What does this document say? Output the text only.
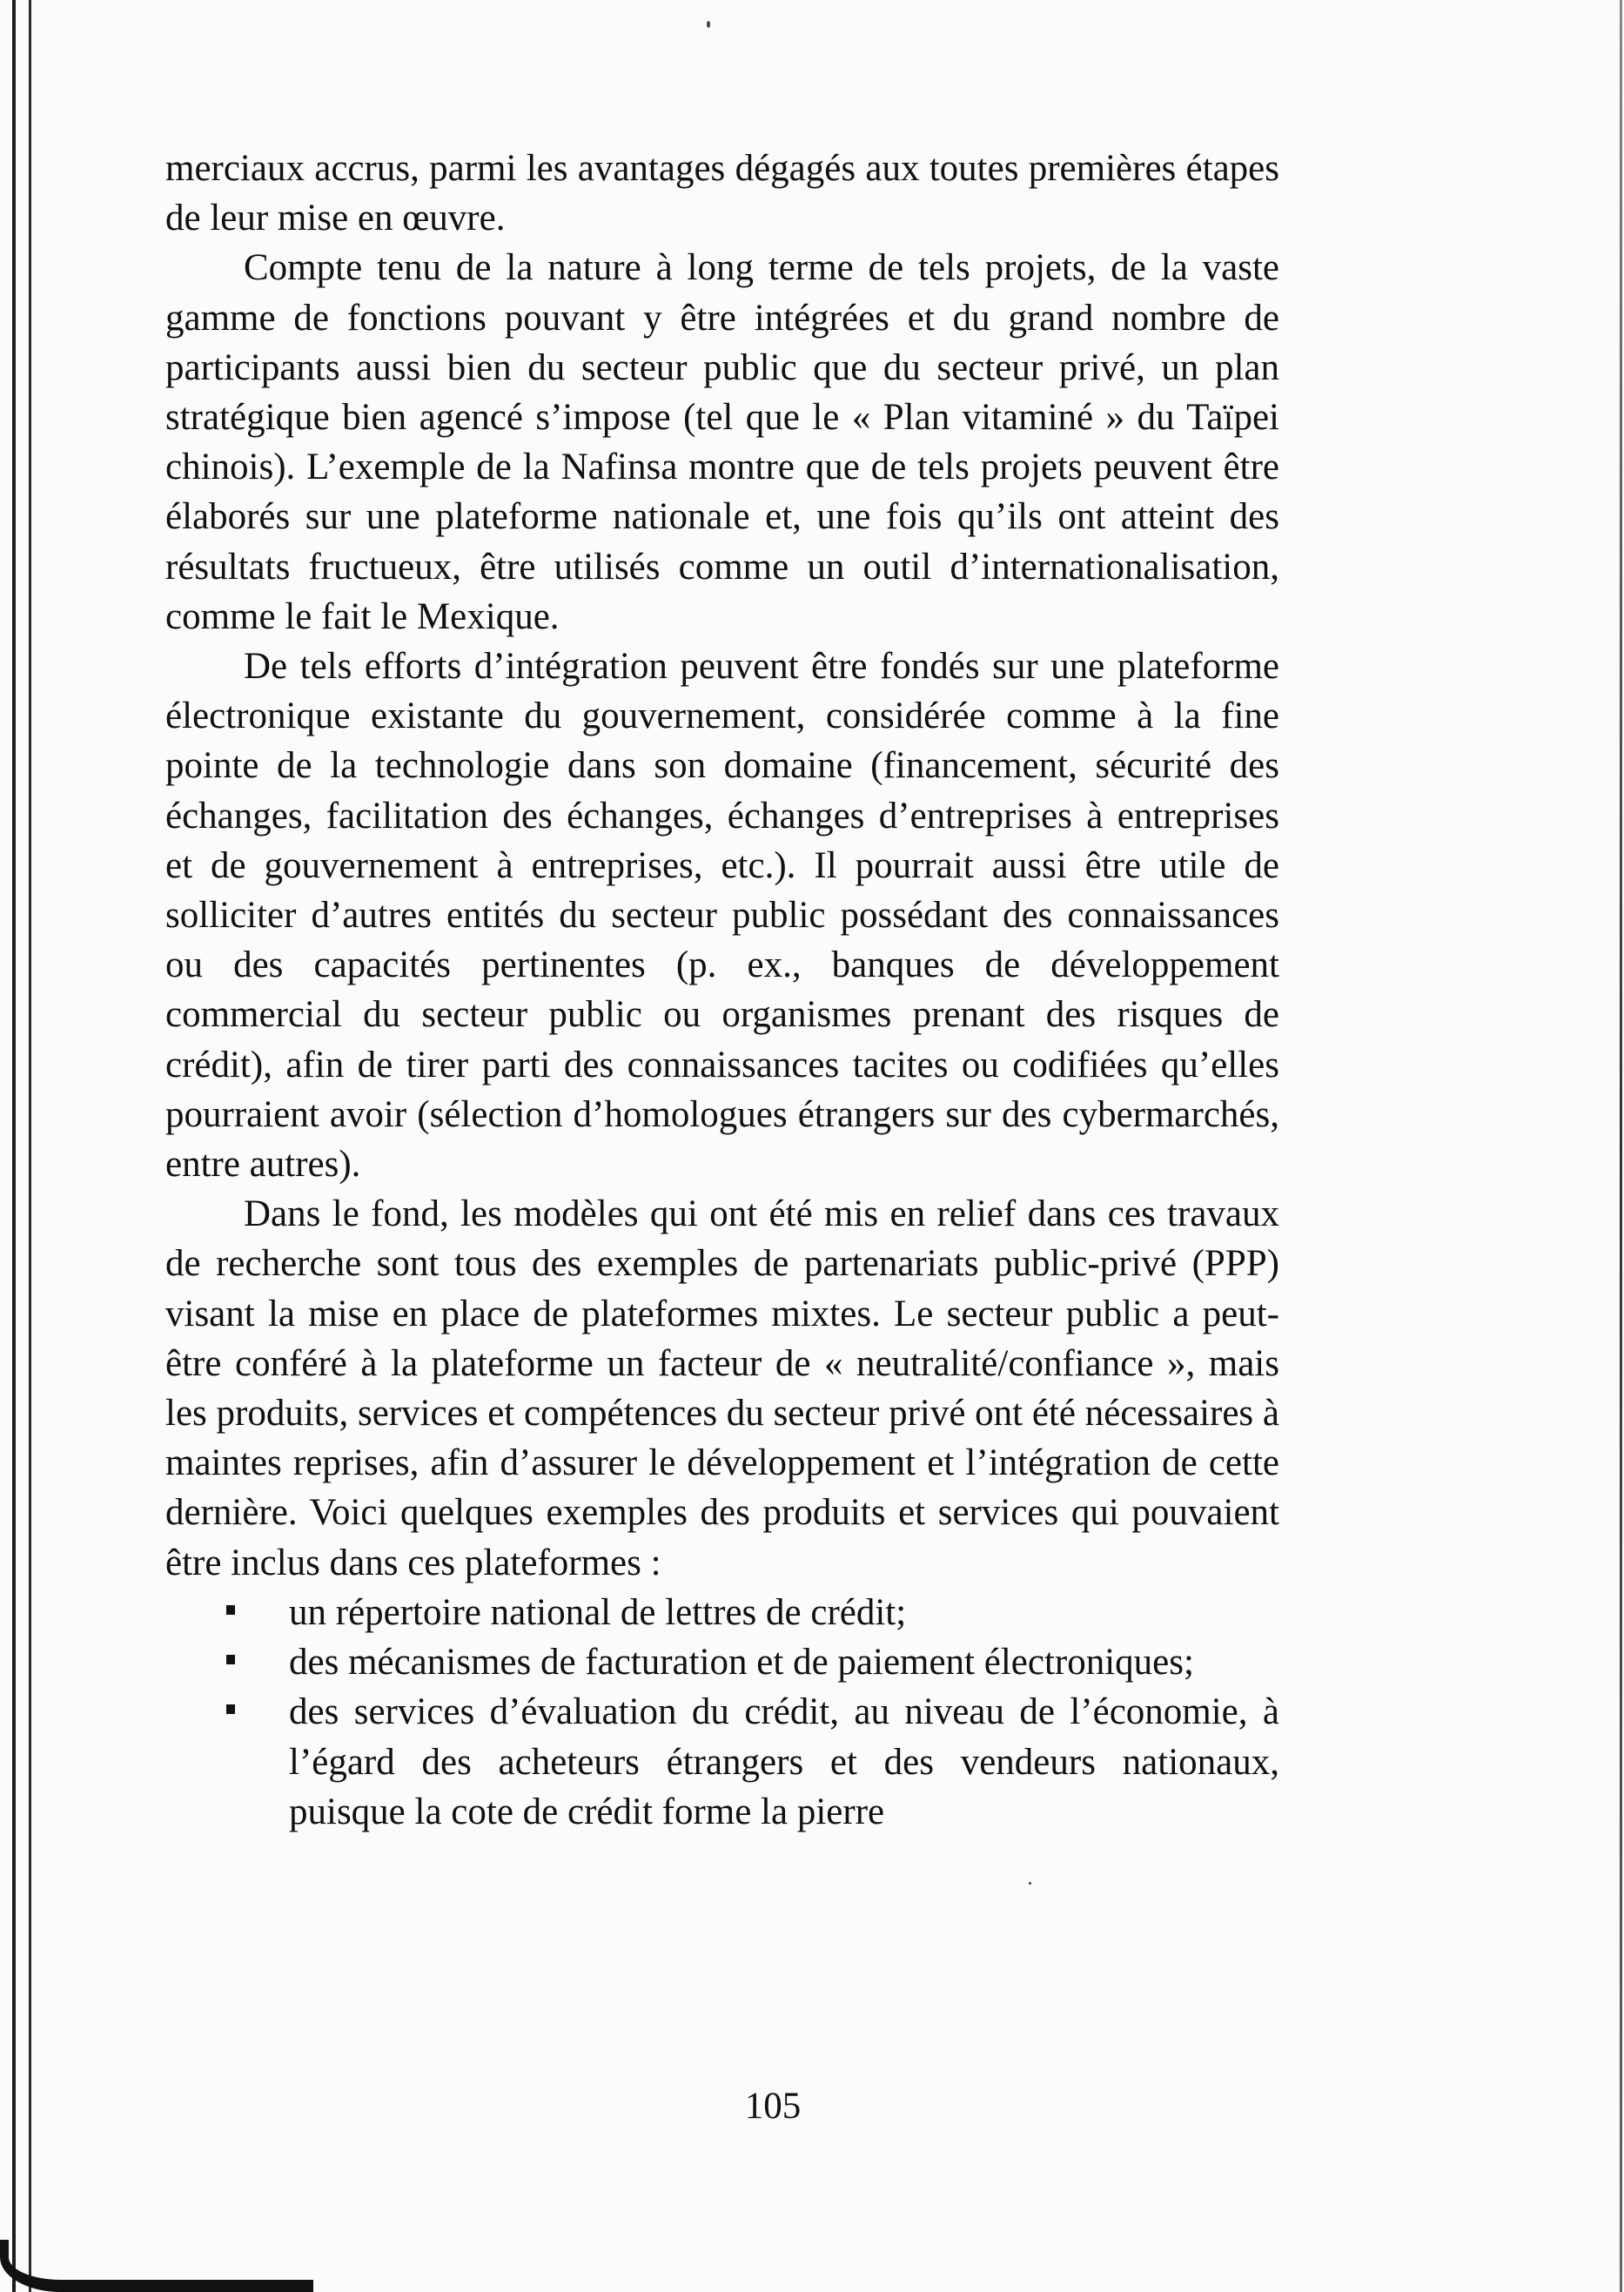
merciaux accrus, parmi les avantages dégagés aux toutes premières étapes de leur mise en œuvre.

Compte tenu de la nature à long terme de tels projets, de la vaste gamme de fonctions pouvant y être intégrées et du grand nombre de participants aussi bien du secteur public que du secteur privé, un plan stratégique bien agencé s’impose (tel que le « Plan vitaminé » du Taïpei chinois). L’exemple de la Nafinsa montre que de tels projets peuvent être élaborés sur une plateforme nationale et, une fois qu’ils ont atteint des résultats fructueux, être utilisés comme un outil d’internationalisation, comme le fait le Mexique.

De tels efforts d’intégration peuvent être fondés sur une plateforme électronique existante du gouvernement, considérée comme à la fine pointe de la technologie dans son domaine (financement, sécurité des échanges, facilitation des échanges, échanges d’entreprises à entreprises et de gouvernement à entreprises, etc.). Il pourrait aussi être utile de solliciter d’autres entités du secteur public possédant des connaissances ou des capacités pertinentes (p. ex., banques de développement commercial du secteur public ou organismes prenant des risques de crédit), afin de tirer parti des connaissances tacites ou codifiées qu’elles pourraient avoir (sélection d’homologues étrangers sur des cybermarchés, entre autres).

Dans le fond, les modèles qui ont été mis en relief dans ces travaux de recherche sont tous des exemples de partenariats public-privé (PPP) visant la mise en place de plateformes mixtes. Le secteur public a peut-être conféré à la plateforme un facteur de « neutralité/confiance », mais les produits, services et compétences du secteur privé ont été nécessaires à maintes reprises, afin d’assurer le développement et l’intégration de cette dernière. Voici quelques exemples des produits et services qui pouvaient être inclus dans ces plateformes :

un répertoire national de lettres de crédit;
des mécanismes de facturation et de paiement électroniques;
des services d’évaluation du crédit, au niveau de l’économie, à l’égard des acheteurs étrangers et des vendeurs nationaux, puisque la cote de crédit forme la pierre
105
